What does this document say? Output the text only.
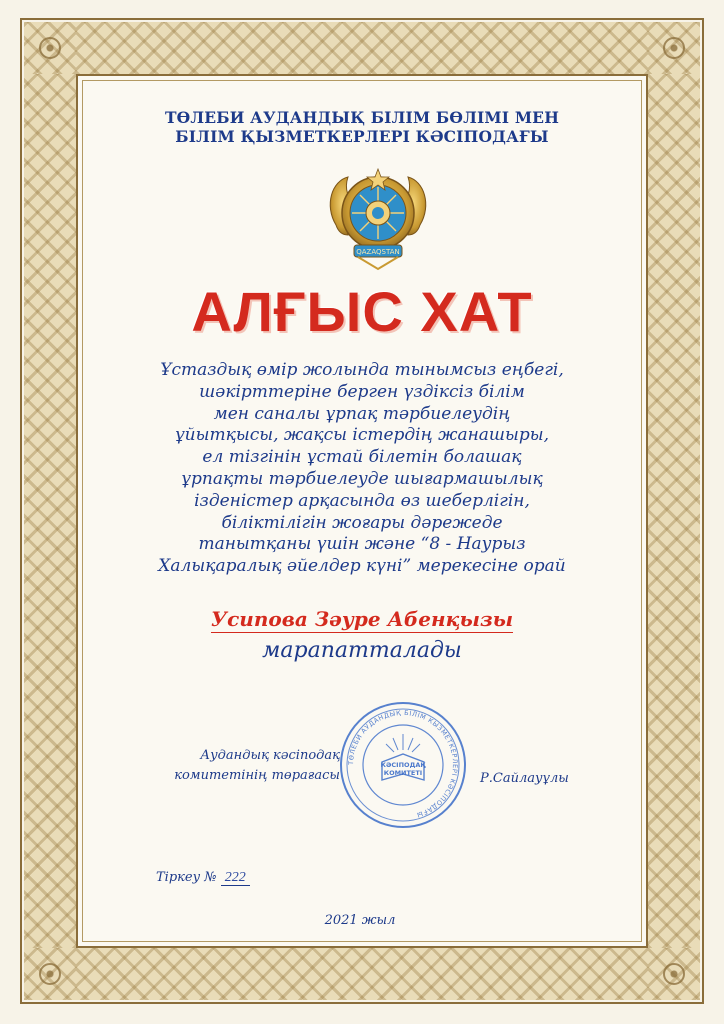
ТӨЛЕБИ АУДАНДЫҚ БІЛІМ БӨЛІМІ МЕН
БІЛІМ ҚЫЗМЕТКЕРЛЕРІ КӘСІПОДАҒЫ
QAZAQSTAN
АЛҒЫС ХАТ
Ұстаздық өмір жолында тынымсыз еңбегі,
шәкірттеріне берген үздіксіз білім
мен саналы ұрпақ тәрбиелеудің
ұйытқысы, жақсы істердің жанашыры,
ел тізгінін ұстай білетін болашақ
ұрпақты тәрбиелеуде шығармашылық
ізденістер арқасында өз шеберлігін,
біліктілігін жоғары дәрежеде
танытқаны үшін және “8 - Наурыз
Халықаралық әйелдер күні” мерекесіне орай
Усипова Зәуре Абенқызы
марапатталады
Аудандық кәсіподақ
комитетінің төрағасы
ТӨЛЕБИ АУДАНДЫҚ БІЛІМ КЫЗМЕТКЕРЛЕРІ КӘСІПОДАҒЫ
КӘСІПОДАҚ
КОМИТЕТІ	Р.Сайлауұлы
Тіркеу № 222
2021 жыл
